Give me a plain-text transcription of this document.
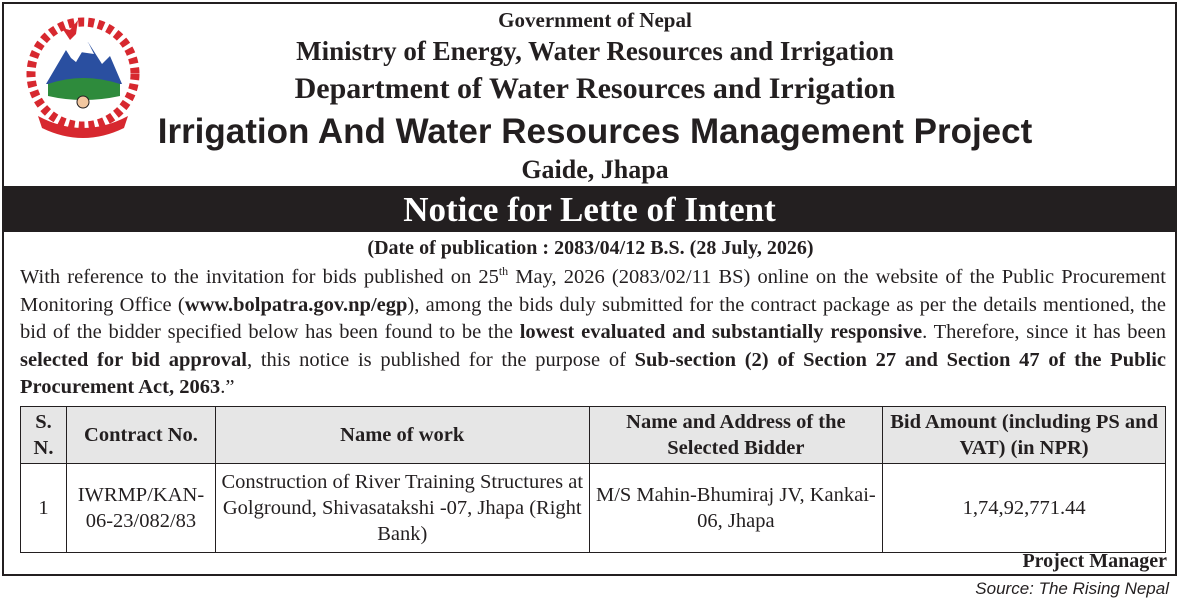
Government of Nepal
Ministry of Energy, Water Resources and Irrigation
Department of Water Resources and Irrigation
Irrigation And Water Resources Management Project
Gaide, Jhapa
Notice for Lette of Intent
(Date of publication : 2083/04/12 B.S. (28 July, 2026)
With reference to the invitation for bids published on 25th May, 2026 (2083/02/11 BS) online on the website of the Public Procurement Monitoring Office (www.bolpatra.gov.np/egp), among the bids duly submitted for the contract package as per the details mentioned, the bid of the bidder specified below has been found to be the lowest evaluated and substantially responsive. Therefore, since it has been selected for bid approval, this notice is published for the purpose of Sub-section (2) of Section 27 and Section 47 of the Public Procurement Act, 2063.”
S. N.	Contract No.	Name of work	Name and Address of the Selected Bidder	Bid Amount (including PS and VAT) (in NPR)
1	IWRMP/KAN-06-23/082/83	Construction of River Training Structures at Golground, Shivasatakshi -07, Jhapa (Right Bank)	M/S Mahin-Bhumiraj JV, Kankai-06, Jhapa	1,74,92,771.44
Project Manager
Source: The Rising Nepal
